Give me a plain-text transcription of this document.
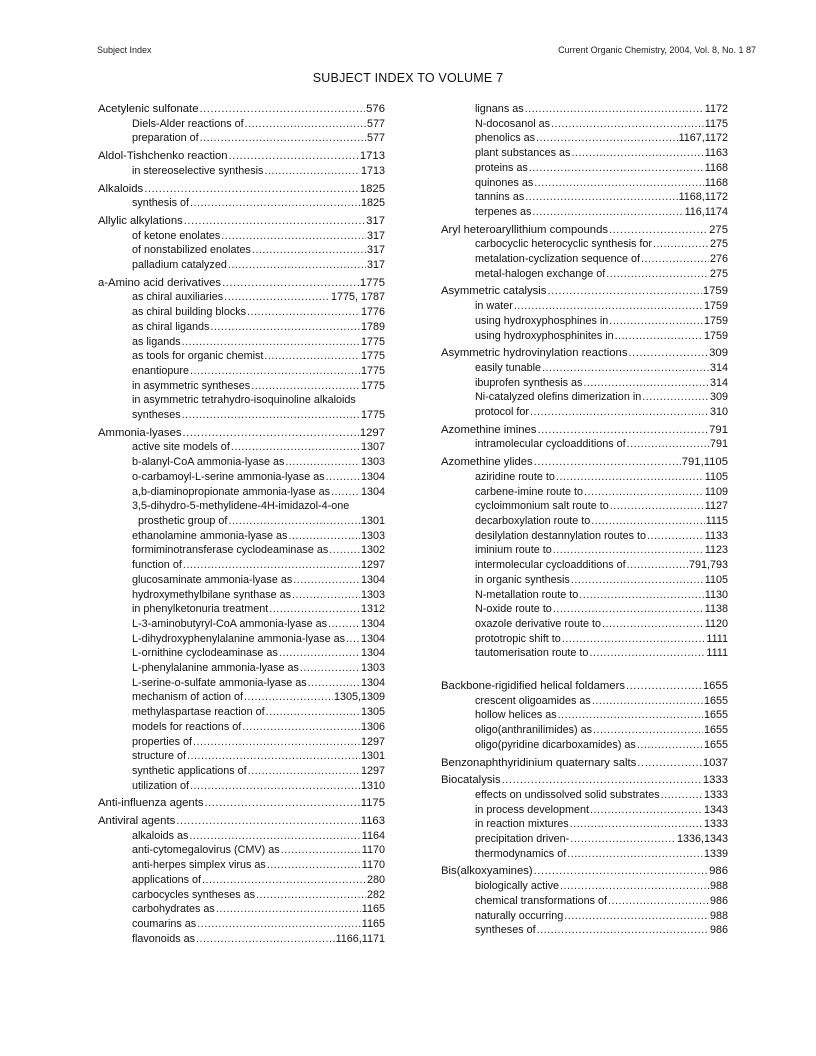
Subject Index	Current Organic Chemistry, 2004, Vol. 8, No. 1 87
SUBJECT INDEX TO VOLUME 7
Acetylenic sulfonate .....	576
Diels-Alder reactions of .....	577
preparation of .....	577
Aldol-Tishchenko reaction .....	1713
in stereoselective synthesis .....	1713
Alkaloids .....	1825
synthesis of .....	1825
Allylic alkylations .....	317
of ketone enolates .....	317
of nonstabilized enolates .....	317
palladium catalyzed .....	317
a-Amino acid derivatives .....	1775
as chiral auxiliaries .....	1775, 1787
as chiral building blocks .....	1776
as chiral ligands .....	1789
as ligands .....	1775
as tools for organic chemist .....	1775
enantiopure .....	1775
in asymmetric syntheses .....	1775
in asymmetric tetrahydro-isoquinoline alkaloids
syntheses .....	1775
Ammonia-lyases .....	1297
active site models of .....	1307
b-alanyl-CoA ammonia-lyase as .....	1303
o-carbamoyl-L-serine ammonia-lyase as .....	1304
a,b-diaminopropionate ammonia-lyase as .....	1304
3,5-dihydro-5-methylidene-4H-imidazol-4-one
prosthetic group of .....	1301
ethanolamine ammonia-lyase as .....	1303
formiminotransferase cyclodeaminase as .....	1302
function of .....	1297
glucosaminate ammonia-lyase as .....	1304
hydroxymethylbilane synthase as .....	1303
in phenylketonuria treatment .....	1312
L-3-aminobutyryl-CoA ammonia-lyase as .....	1304
L-dihydroxyphenylalanine ammonia-lyase as ..... 1304
L-ornithine cyclodeaminase as .....	1304
L-phenylalanine ammonia-lyase as .....	1303
L-serine-o-sulfate ammonia-lyase as .....	1304
mechanism of action of .....	1305,1309
methylaspartase reaction of .....	1305
models for reactions of .....	1306
properties of .....	1297
structure of .....	1301
synthetic applications of .....	1297
utilization of .....	1310
Anti-influenza agents .....	1175
Antiviral agents .....	1163
alkaloids as .....	1164
anti-cytomegalovirus (CMV) as .....	1170
anti-herpes simplex virus as .....	1170
applications of .....	280
carbocycles syntheses as .....	282
carbohydrates as .....	1165
coumarins as .....	1165
flavonoids as .....	1166,1171
lignans as .....	1172
N-docosanol as .....	1175
phenolics as .....	1167,1172
plant substances as .....	1163
proteins as .....	1168
quinones as .....	1168
tannins as .....	1168,1172
terpenes as .....	116,1174
Aryl heteroaryllithium compounds .....	275
carbocyclic heterocyclic synthesis for .....	275
metalation-cyclization sequence of .....	276
metal-halogen exchange of .....	275
Asymmetric catalysis .....	1759
in water .....	1759
using hydroxyphosphines in .....	1759
using hydroxyphosphinites in .....	1759
Asymmetric hydrovinylation reactions .....	309
easily tunable .....	314
ibuprofen synthesis as .....	314
Ni-catalyzed olefins dimerization in .....	309
protocol for .....	310
Azomethine imines .....	791
intramolecular cycloadditions of .....	791
Azomethine ylides .....	791,1105
aziridine route to .....	1105
carbene-imine route to .....	1109
cycloimmonium salt route to .....	1127
decarboxylation route to .....	1115
desilylation destannylation routes to .....	1133
iminium route to .....	1123
intermolecular cycloadditions of .....	791,793
in organic synthesis .....	1105
N-metallation route to .....	1130
N-oxide route to .....	1138
oxazole derivative route to .....	1120
prototropic shift to .....	1111
tautomerisation route to .....	1111
Backbone-rigidified helical foldamers .....	1655
crescent oligoamides as .....	1655
hollow helices as .....	1655
oligo(anthranilimides) as .....	1655
oligo(pyridine dicarboxamides) as .....	1655
Benzonaphthyridinium quaternary salts .....	1037
Biocatalysis .....	1333
effects on undissolved solid substrates .....	1333
in process development .....	1343
in reaction mixtures .....	1333
precipitation driven- .....	1336,1343
thermodynamics of .....	1339
Bis(alkoxyamines) .....	986
biologically active .....	988
chemical transformations of .....	986
naturally occurring .....	988
syntheses of .....	986
